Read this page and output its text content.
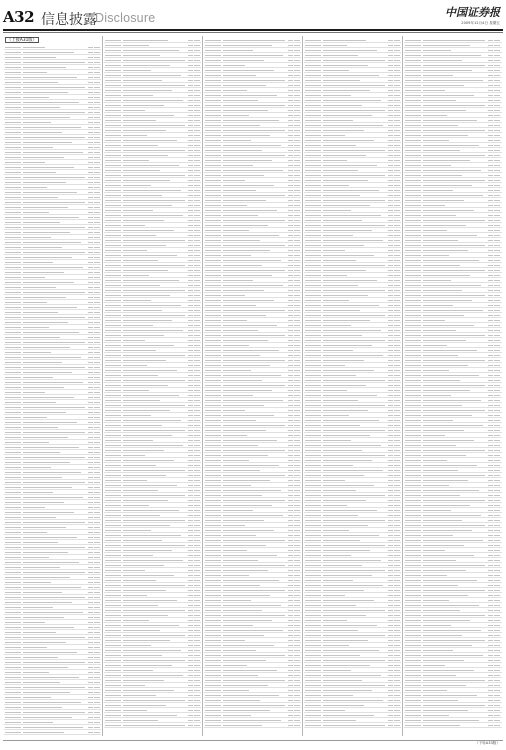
A32 信息披露
Disclosure	中国证券报
2009年12月4日 星期五
（上接A31版）
（下转A33版）
